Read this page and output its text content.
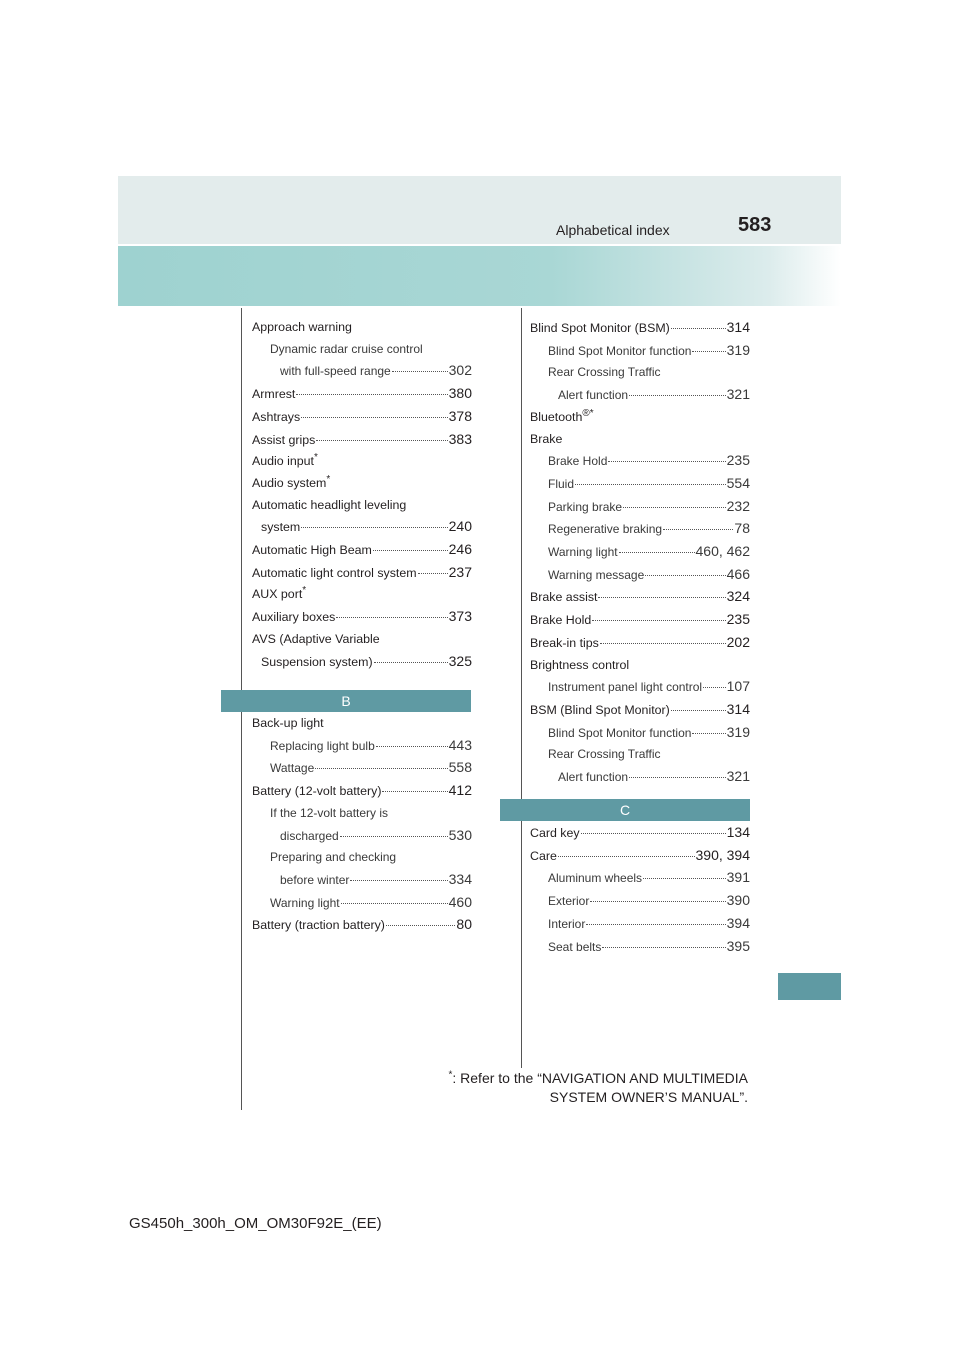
Alphabetical index	583
Approach warning
Dynamic radar cruise control
with full-speed range	302
Armrest	380
Ashtrays	378
Assist grips	383
Audio input*
Audio system*
Automatic headlight leveling
system	240
Automatic High Beam	246
Automatic light control system 237
AUX port*
Auxiliary boxes	373
AVS (Adaptive Variable
Suspension system)	325
B
Back-up light
Replacing light bulb	443
Wattage	558
Battery (12-volt battery)	412
If the 12-volt battery is
discharged	530
Preparing and checking
before winter	334
Warning light	460
Battery (traction battery)	80
Blind Spot Monitor (BSM)	314
Blind Spot Monitor function	319
Rear Crossing Traffic
Alert function	321
Bluetooth®*
Brake
Brake Hold	235
Fluid	554
Parking brake	232
Regenerative braking	78
Warning light	460, 462
Warning message	466
Brake assist	324
Brake Hold	235
Break-in tips	202
Brightness control
Instrument panel light control 107
BSM (Blind Spot Monitor)	314
Blind Spot Monitor function	319
Rear Crossing Traffic
Alert function	321
C
Card key	134
Care	390, 394
Aluminum wheels	391
Exterior	390
Interior	394
Seat belts	395
*: Refer to the “NAVIGATION AND MULTIMEDIA
SYSTEM OWNER’S MANUAL”.
GS450h_300h_OM_OM30F92E_(EE)
